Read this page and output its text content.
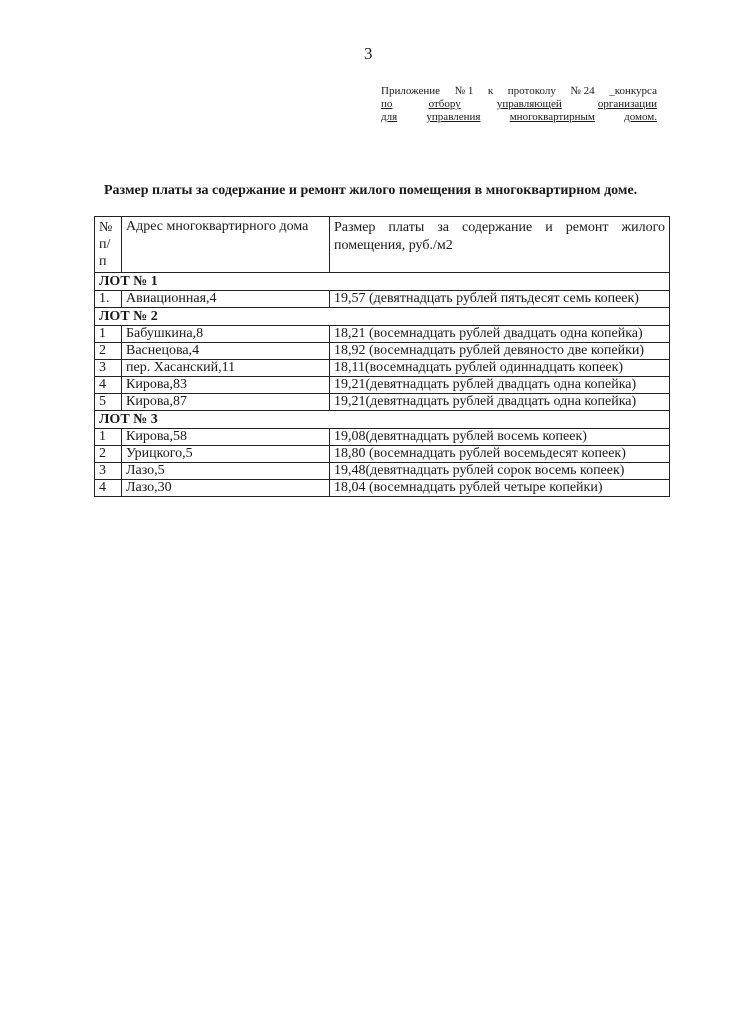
3
Приложение № 1 к протоколу № 24 _конкурса
по	отбору	управляющей	организации
для	управления	многоквартирным	домом.
Размер платы за содержание и ремонт жилого помещения в многоквартирном доме.
№ п/ п	Адрес многоквартирного дома	Размер платы за содержание и ремонт жилого помещения, руб./м2
ЛОТ № 1		
1.	Авиационная,4	19,57 (девятнадцать рублей пятьдесят семь копеек)
ЛОТ № 2		
1	Бабушкина,8	18,21 (восемнадцать рублей двадцать одна копейка)
2	Васнецова,4	18,92 (восемнадцать рублей девяносто две копейки)
3	пер. Хасанский,11	18,11(восемнадцать рублей одиннадцать копеек)
4	Кирова,83	19,21(девятнадцать рублей двадцать одна копейка)
5	Кирова,87	19,21(девятнадцать рублей двадцать одна копейка)
ЛОТ № 3		
1	Кирова,58	19,08(девятнадцать рублей восемь копеек)
2	Урицкого,5	18,80 (восемнадцать рублей восемьдесят копеек)
3	Лазо,5	19,48(девятнадцать рублей сорок восемь копеек)
4	Лазо,30	18,04 (восемнадцать рублей четыре копейки)
